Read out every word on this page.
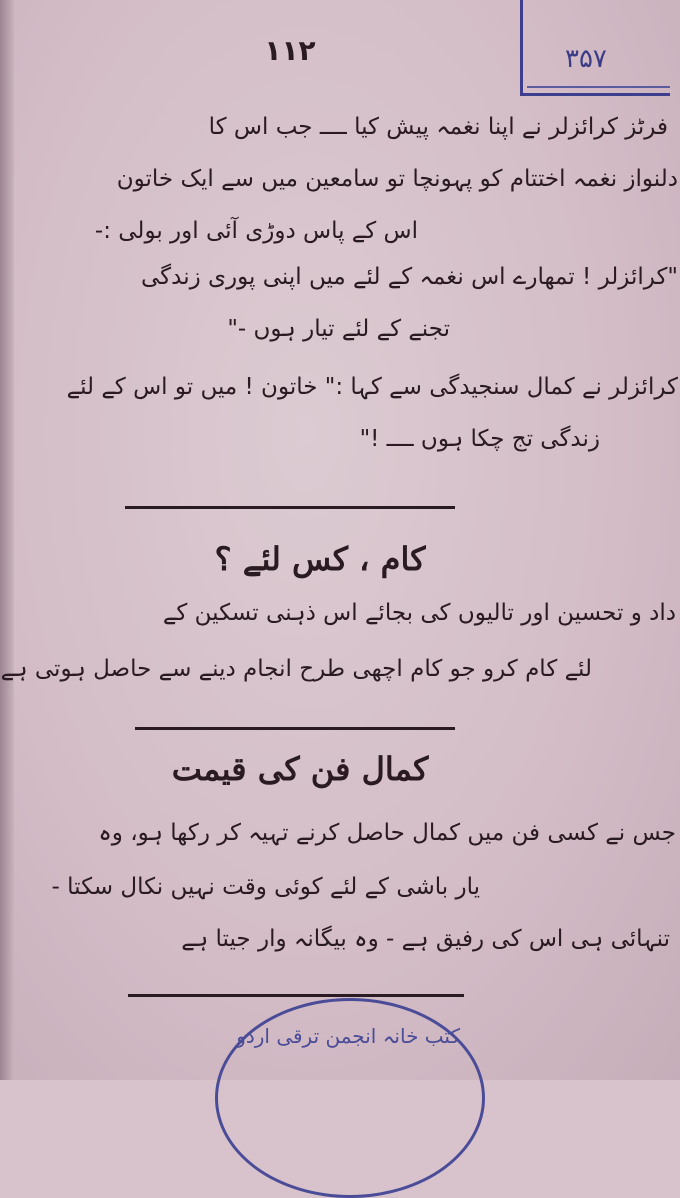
۳۵۷
۱۱۲
فرٹز کرائزلر نے اپنا نغمہ پیش کیا ــــ جب اس کا
دلنواز نغمہ اختتام کو پہونچا تو سامعین میں سے ایک خاتون
اس کے پاس دوڑی آئی اور بولی :-
"کرائزلر ! تمھارے اس نغمہ کے لئے میں اپنی پوری زندگی
تجنے کے لئے تیار ہوں -"
کرائزلر نے کمال سنجیدگی سے کہا :" خاتون ! میں تو اس کے لئے
زندگی تج چکا ہوں ــــ !"
کام ، کس لئے ؟
داد و تحسین اور تالیوں کی بجائے اس ذہنی تسکین کے
لئے کام کرو جو کام اچھی طرح انجام دینے سے حاصل ہوتی ہے
کمال فن کی قیمت
جس نے کسی فن میں کمال حاصل کرنے تہیہ کر رکھا ہو، وہ
یار باشی کے لئے کوئی وقت نہیں نکال سکتا -
تنہائی ہی اس کی رفیق ہے - وہ بیگانہ وار جیتا ہے
کتب خانہ انجمن ترقی اردو
